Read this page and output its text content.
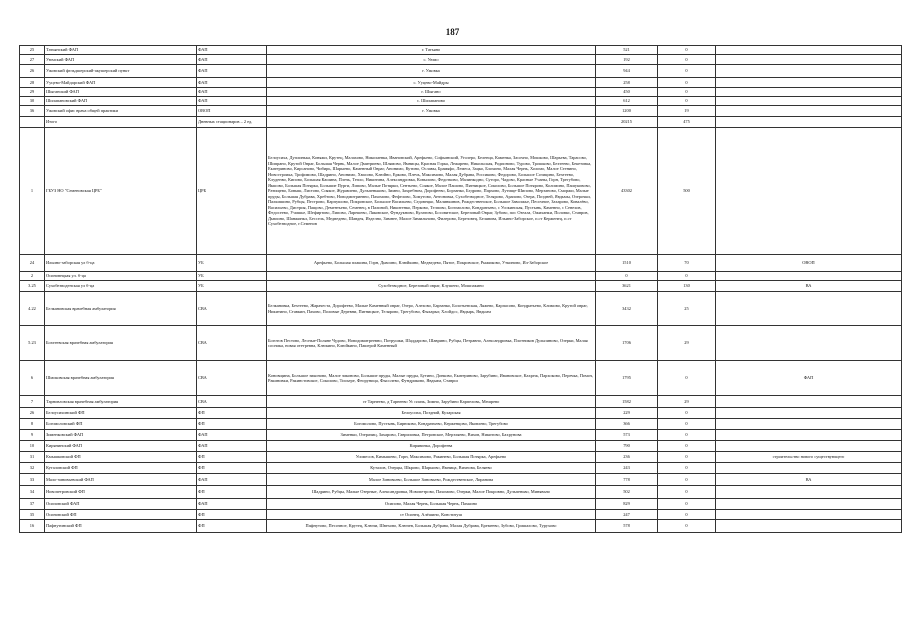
187
25	Татьянский ФАП	ФАП	г. Татьяно	521	0	
27	Уюмский ФАП	ФАП	с. Уюмо	192	0	
26	Ужовский фельдшерский-акушерский пункт	ФАП	г. Ужовка	944	0	
28	Ууцево-Майдарский ФАП	ФАП	с. Ууцево-Майдры	258	0	
29	Шыганский ФАП	ФАП	г. Шыгано	450	0	
30	Шилапановский ФАП	ФАП	с. Шилапаново	612	0	
36	Ужовский офис врача общей практики	ОВОП	г. Ужовка	1200	19	
	Итого	Дневных стационаров – 2 ед.		20215	475	
1	ГБУЗ НО "Семеновская ЦРБ"	ЦРБ	Белоусиха, Дуплинька, Коняжи, Крутец, Малахово, Николаевка, Ивановский, Арефьево, Софьинский, Уголеро, Беленца, Каменка, Засочно, Мошково, Шарьева, Тарасово, Шипрано, Крутой Овраг, Большая Чернь, Малое Дмитриево, Шлямово, Ямницы, Красная Горка, Лежарево, Никольская, Родионово, Турово, Трошково, Бехтеево, Бекетовка, Екатериново, Кирсаново, Чибирь, Шарыево, Каменный Овраг, Анонимо, Кутино, Ославы, Брамяфо, Лемеса, Зацко, Блохино, Малая Чернь, Холомо, Малое Стенино, Новостроика, Трофимово, Шадрино, Анонимо, Хвасово, Клюйно, Ерково, Плечь, Максимово, Малая Дубрава, Россиково, Федорово, Большое Созицино, Бехтеево, Клуденво, Кипово, Большая Кашина, Плечь, Тепло, Никитина, Александровка, Ковылово, Федотково, Малинкодно, Суторо, Чадово, Красные Учаны, Горн, Трегубово, Якшово, Большая Потярка, Большие Пурги, Липово, Малые Потярки, Сентьево, Соякое, Малое Пашово, Пятницкое, Соколово, Большое Потярово, Коломино, Пашуковово, Ратищево, Бовыш, Листово, Соякое, Журавлево, Дульпеньково, Зимно, Захребном, Дорофеево, Борзанко, Бедрово, Пархово, Лутище-Шипово, Мерзаново, Сморжи, Малые пруды, Большая Дубрава, Хребтово, Новодмитриевно, Пахомово, Фефелово, Хомутово, Антоновка, Сухобезводное, Телярово, Арапово, Озера, Поздней, Явдьмы, Озерочки, Палкишино, Рубцы, Пестрово, Карпушово, Покровское, Большое Васильево, Седовецко, Малинкинов, Рождественское, Большое Заволжье, Песочное, Захарово, Ковалёво, Васильево, Дистрия, Пащово, Дементьево, Семенец, в Палиной, Никитенко, Перково, Телпово, Богомолово, Кондратьево, с Усокинская, Пустынь, Каменно, с Сенехов, Федосеево, Учишье, Шефиртово, Липово, Ларешево, Ляковское, Фундукново, Кулатово, Босовитское, Березовый Овраг, Зубово, пос Озеала, Ожиханки, Половкс, Ставров, Дьвоино, Шанжинкл, Бессель, Медведево, Шавдея, Изделно, Зимнее, Малое Зимильново, Филерово, Березовец, Белявова, Ильино-Заборское, п.ст Керженец, п.ст Сухобезводное, г.Семенов	43302	500	
24	Ильино-заборская ул б-ца	УБ	Арефьево, Большая плакина, Горн, Дьвоино, Клюйкино, Медведево, Пятое, Покровское, Рыжиково, Уткиново, Ил-Заборское	1510	70	ОВОП
2	Осиновецкая ул. б-ца	УБ		0	0	
3.25	Сухобезводенская ул б-ца	УБ	Сухобезводное, Березовый овраг, Клушено, Мошпакино	3621	130	ВА
4.22	Белкановская врачебная амбулатория	СВА	Белкановка, Бехтеево, Жарачеста, Дорофеево, Малые Каменный овраг, Озеро, Алехово, Барзанко, Болотьевская, Ляжево, Карпасово, Кондратьево, Климово, Крутой овраг, Никитино, Ставкин, Пахово, Половые Деревни, Пятницкое, Телярово, Трегубово, Фыхарыг, Хлойдос, Явдырь, Явдьмм	3432	25	
5.23	Бохтеевская врачебная амбулатория	СВА	Боготов Пестово, Лесные-Поляне Чудово, Новодимитреевно, Потрушки, Шаддарово, Шаврино, Рубцы, Петравно, Александровка, Плотников Дульпиново, Озерки, Малая сосника, новая отетревна, Клюкино, Клюйкино, Пашерой Каменный	1706	29	
6	Шмоковская врачебная амбулатория	СВА	Коновщина, Большое зиконово, Малое зиконово, Большие пруды, Малые пруды, Бутино, Донково, Екатериново, Зарубино, Ивановское, Кахреж, Пархоково, Перечка, Помоч, Ракиновки, Ракинстовское, Соколово, Тисьере, Феоруница, Фысолево, Фундриково, Явдьмм, Ставрш	1795	0	ФАП
7	Тарновловская врачебная амбулатория	СВА	ст Тарнеево, д Тарнеево Ус плачь, Зимно, Зарубино Карпеловь, Мешрево	1582	29	
26	Белоусихинский ФП	ФП	Белоусиха, Поздний, Кухарская	229	0	
8	Богомоловский ФП	ФП	Богомолово, Пустынь, Бирюково, Кондратьево, Керженцово, Яковлево, Трегубово	366	0	
9	Зименковский ФАП	ФАП	Зименки, Озерачиц, Захарово, Гавриловка, Петровское, Мерзляево, Вихов, Никитово, Бахрунова	573	0	
10	Кирянинский ФАП	ФАП	Кирявинка, Дорофеева	790	0	
31	Кмышковский ФП	ФП	Усимесов, Кимышево, Горн, Максимово, Ракинево, Большая Потярка, Арефьево	236	0	строительство нового существующего
32	Куталовский ФП	ФП	Куталов, Озерцы, Шкрово, Шарыово, Ямница, Вихнова, Беляево	243	0	
33	Мало-зиновьевский ФАП	ФАП	Малое Зиновьево, Большое Зиновьево, Рождественское, Лиранова	778	0	ВА
34	Новопетровский ФП	ФП	Шадрино, Рубцы, Малые Озерные, Александровка, Новопетрово, Пахомово, Озерки, Малое Покровно, Дульпеньво, Минявьно	502	0	
37	Осиповский ФАП	ФАП	Осипово, Малая Чернь, Большая Чернь, Пахкино	829	0	
35	Осиновский ФП	ФП	ст Осинец, Алёшино, Конституш	247	0	
16	Пафнутинский ФП	ФП	Пафнутово, Песочное, Крутец, Ключи, Швехово, Ключев, Большая Дубрава, Малая Дубрава, Еремеево, Зубово, Гришалово, Турухово	578	0	
